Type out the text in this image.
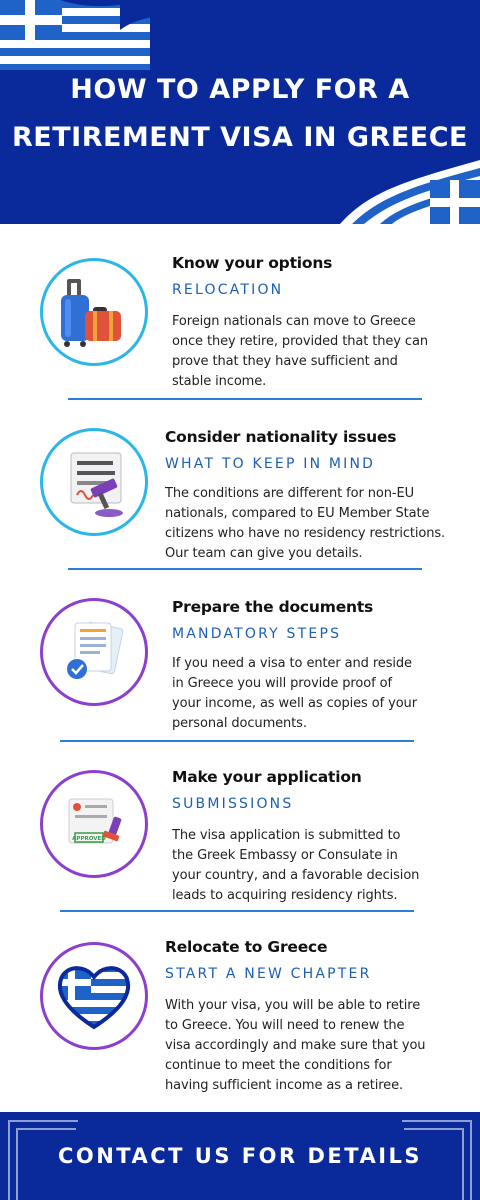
HOW TO APPLY FOR A
RETIREMENT VISA IN GREECE
Know your options
RELOCATION
Foreign nationals can move to Greece
once they retire, provided that they can
prove that they have sufficient and
stable income.
Consider nationality issues
WHAT TO KEEP IN MIND
The conditions are different for non-EU
nationals, compared to EU Member State
citizens who have no residency restrictions.
Our team can give you details.
Prepare the documents
MANDATORY STEPS
If you need a visa to enter and reside
in Greece you will provide proof of
your income, as well as copies of your
personal documents.
APPROVED
Make your application
SUBMISSIONS
The visa application is submitted to
the Greek Embassy or Consulate in
your country, and a favorable decision
leads to acquiring residency rights.
Relocate to Greece
START A NEW CHAPTER
With your visa, you will be able to retire
to Greece. You will need to renew the
visa accordingly and make sure that you
continue to meet the conditions for
having sufficient income as a retiree.
CONTACT US FOR DETAILS
